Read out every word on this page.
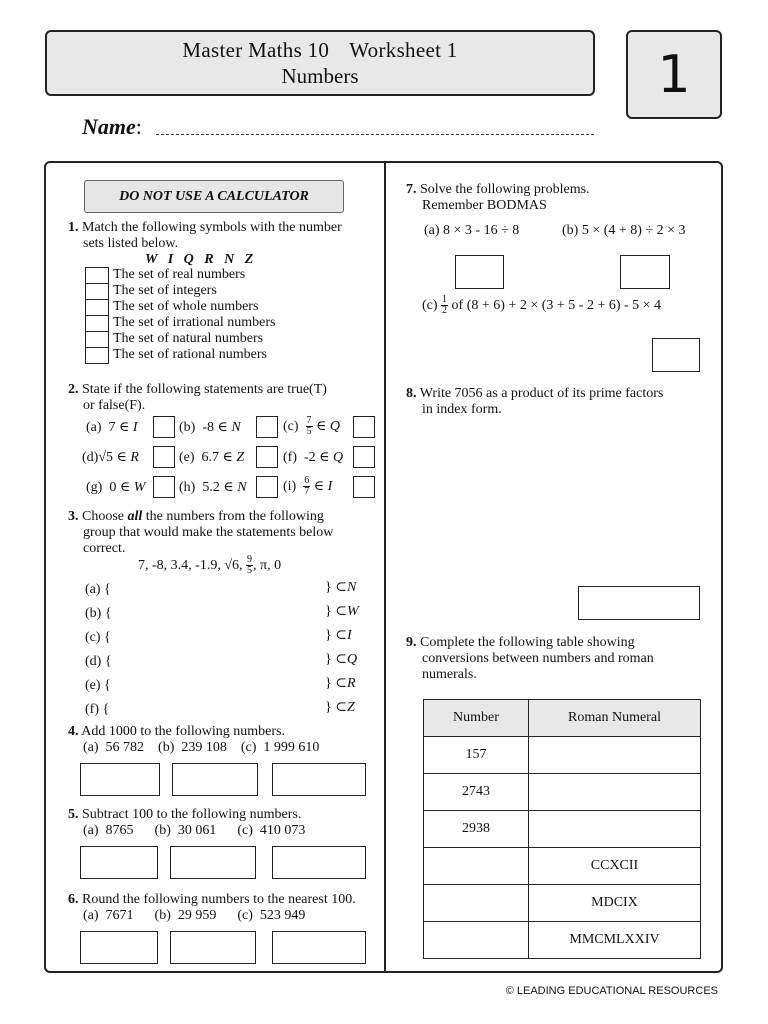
Master Maths 10 Worksheet 1
Numbers	1
Name:
DO NOT USE A CALCULATOR
1. Match the following symbols with the number
sets listed below.
W   I   Q   R   N   Z
The set of real numbers
The set of integers
The set of whole numbers
The set of irrational numbers
The set of natural numbers
The set of rational numbers
2. State if the following statements are true(T)
or false(F).
(a) 7 ∈ I	(b) -8 ∈ N	$(c) \frac{7}{5}$ ∈ Q
(d)√5 ∈ R	(e) 6.7 ∈ Z	(f) -2 ∈ Q
(g) 0 ∈ W (h) 5.2 ∈ N	$(i) \frac{6}{7}$ ∈ I
3. Choose all the numbers from the following
group that would make the statements below
correct.
7, -8, 3.4, -1.9, √6, $\frac{9}{5}$ , π, 0
(a) {	} ⊂N
(b) {	} ⊂W
(c) {	} ⊂I
(d) {	} ⊂Q
(e) {	} ⊂R
(f) {	} ⊂Z
4. Add 1000 to the following numbers.
(a)  56 782    (b)  239 108    (c)  1 999 610
5. Subtract 100 to the following numbers.
(a)  8765      (b)  30 061      (c)  410 073
6. Round the following numbers to the nearest 100.
(a)  7671      (b)  29 959      (c)  523 949
7. Solve the following problems.
Remember BODMAS
(a) 8 × 3 - 16 ÷ 8	(b) 5 × (4 + 8) ÷ 2 × 3
$(c) \frac{1}{2}$ of (8 + 6) + 2 × (3 + 5 - 2 + 6) - 5 × 4
8. Write 7056 as a product of its prime factors
in index form.
9. Complete the following table showing
conversions between numbers and roman
numerals.
Number	Roman Numeral
157	
2743	
2938	
	CCXCII
	MDCIX
	MMCMLXXIV
© LEADING EDUCATIONAL RESOURCES
